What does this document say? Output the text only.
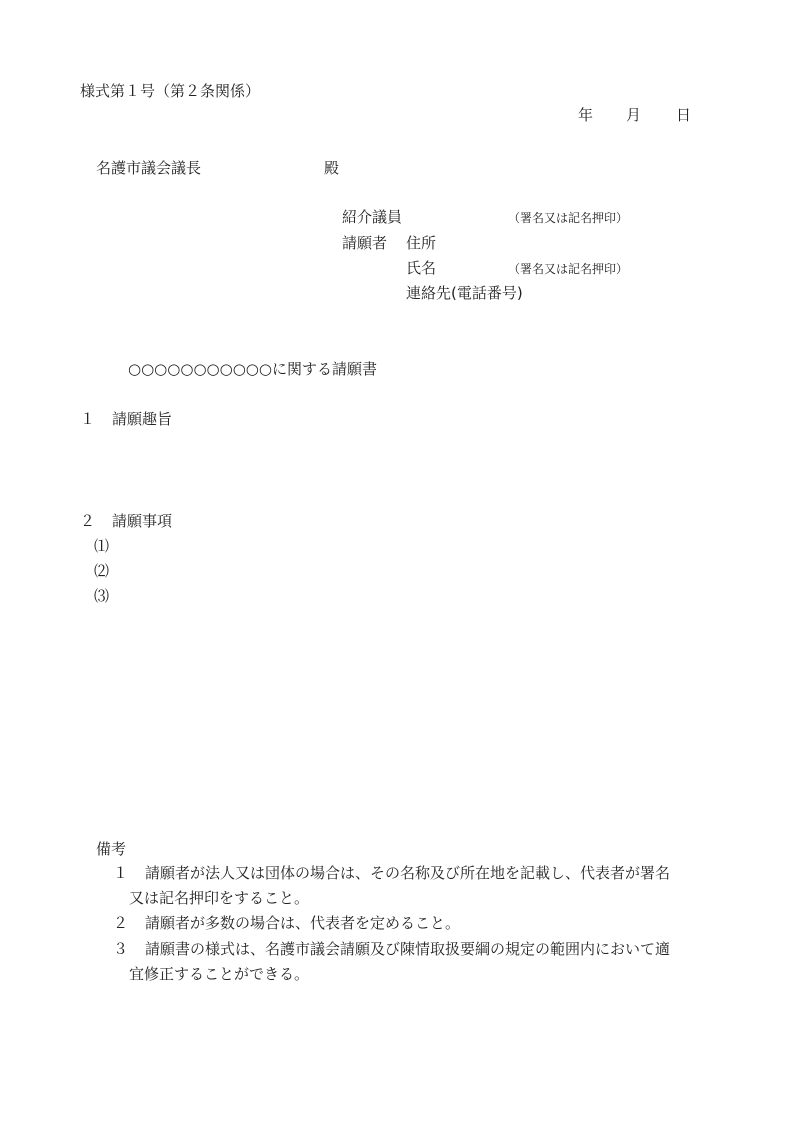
様式第１号（第２条関係）
年 月 日
名護市議会議長	殿
紹介議員	（署名又は記名押印）
請願者 住所
氏名	（署名又は記名押印）
連絡先(電話番号)
○○○○○○○○○○○に関する請願書
１ 請願趣旨
２ 請願事項
⑴
⑵
⑶
備考
１ 請願者が法人又は団体の場合は、その名称及び所在地を記載し、代表者が署名
又は記名押印をすること。
２ 請願者が多数の場合は、代表者を定めること。
３ 請願書の様式は、名護市議会請願及び陳情取扱要綱の規定の範囲内において適
宜修正することができる。
